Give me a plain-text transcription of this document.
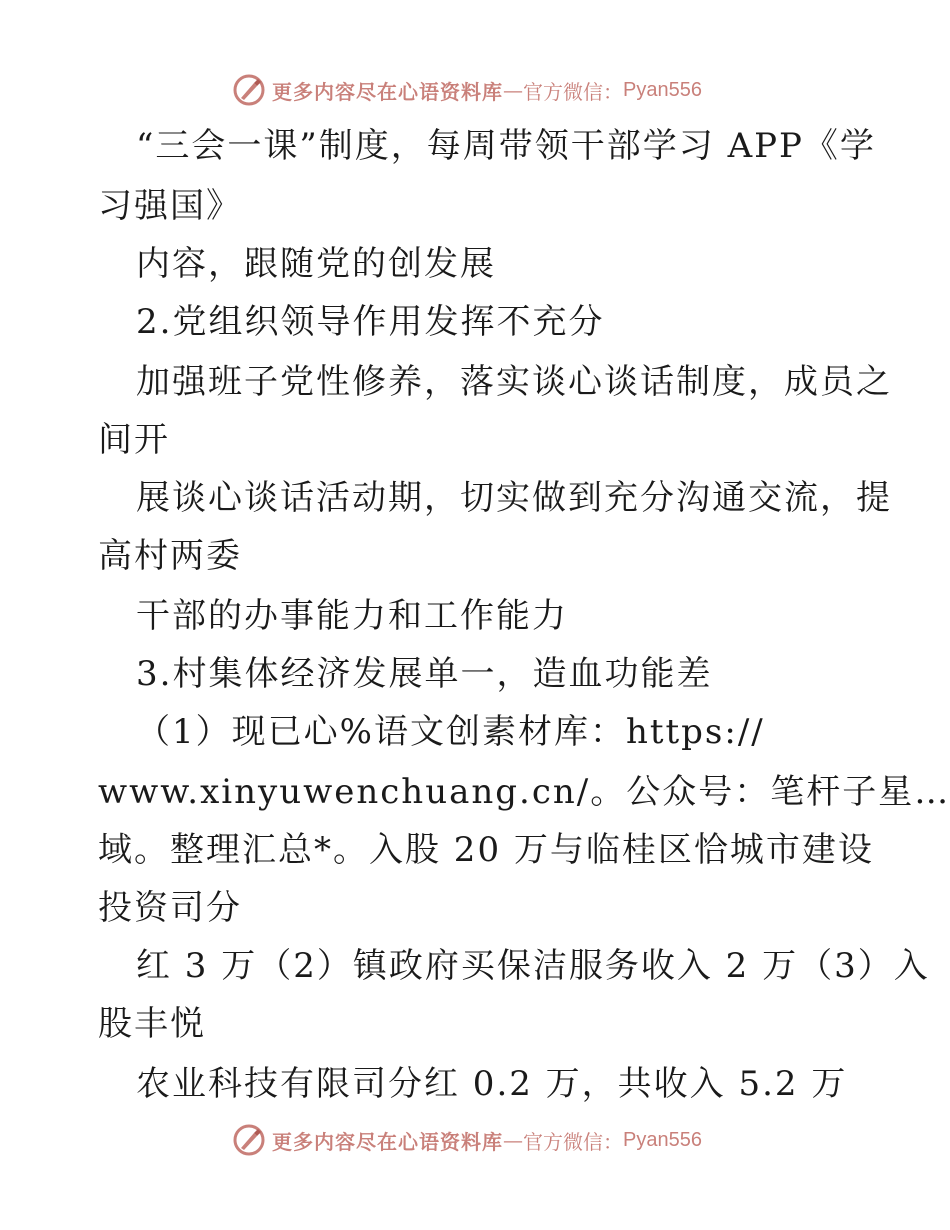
更多内容尽在心语资料库 — 官方微信： Pyan556
“三会一课”制度，每周带领干部学习 APP《学
习强国》
内容，跟随党的创发展
2.党组织领导作用发挥不充分
加强班子党性修养，落实谈心谈话制度，成员之
间开
展谈心谈话活动期，切实做到充分沟通交流，提
高村两委
干部的办事能力和工作能力
3.村集体经济发展单一，造血功能差
（1）现已心%语文创素材库：https://
www.xinyuwenchuang.cn/。公众号：笔杆子星…
域。整理汇总*。入股 20 万与临桂区恰城市建设
投资司分
红 3 万（2）镇政府买保洁服务收入 2 万（3）入
股丰悦
农业科技有限司分红 0.2 万，共收入 5.2 万
更多内容尽在心语资料库 — 官方微信： Pyan556
